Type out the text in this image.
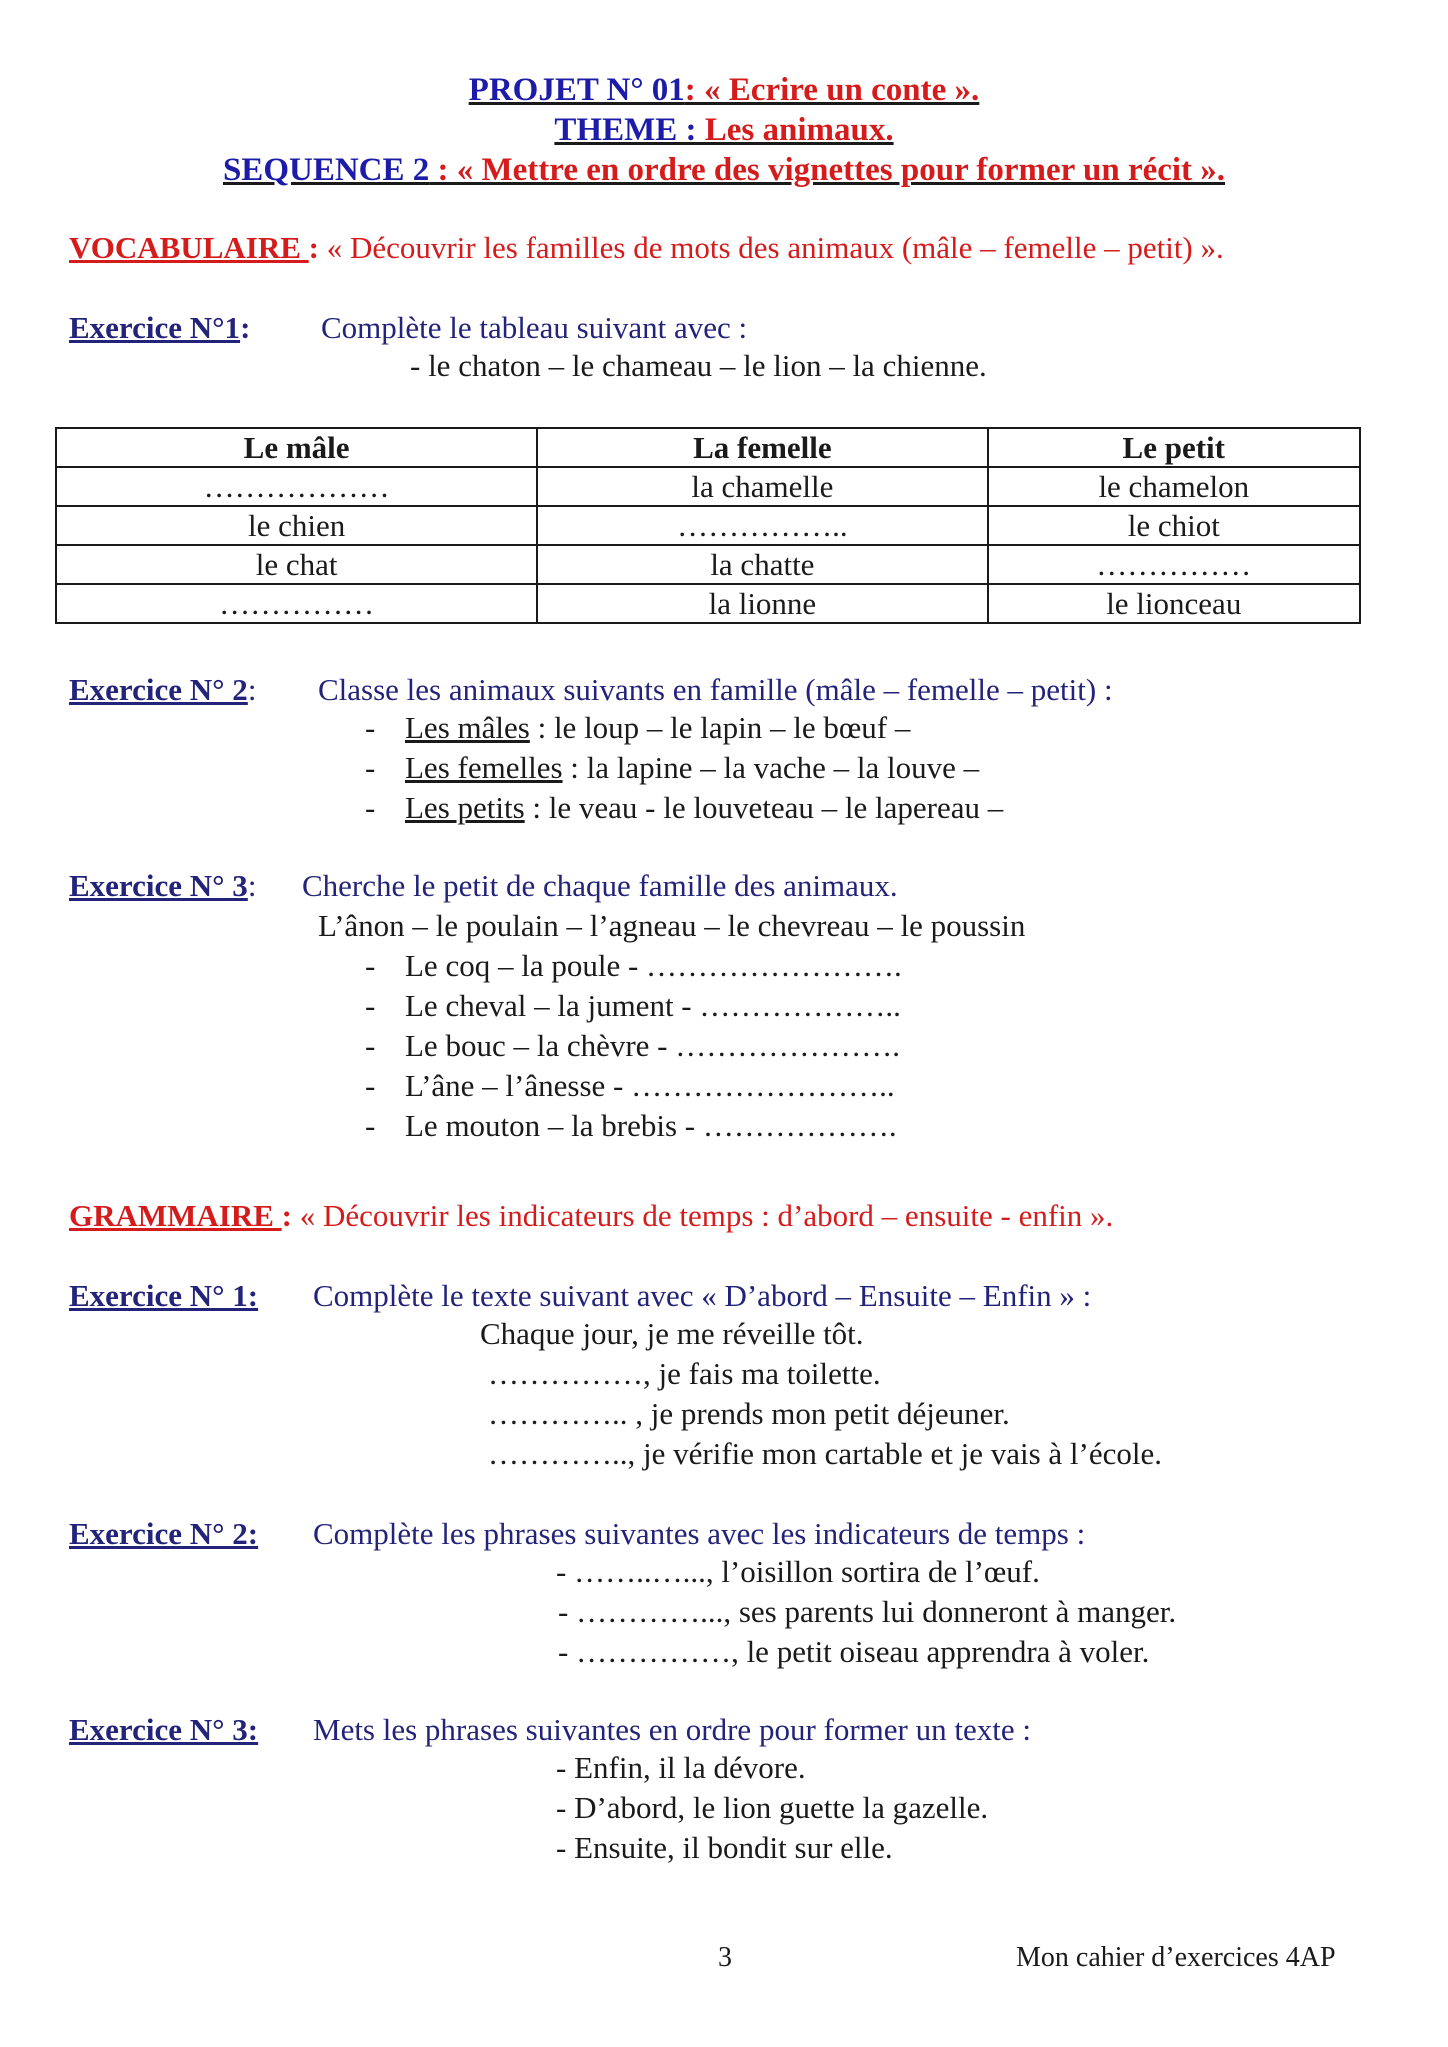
PROJET N° 01: « Ecrire un conte ».
THEME : Les animaux.
SEQUENCE 2 : « Mettre en ordre des vignettes pour former un récit ».
VOCABULAIRE : « Découvrir les familles de mots des animaux (mâle – femelle – petit) ».
Exercice N°1: Complète le tableau suivant avec :
- le chaton – le chameau – le lion – la chienne.
Le mâle	La femelle	Le petit
………………	la chamelle	le chamelon
le chien	……………..	le chiot
le chat	la chatte	……………
……………	la lionne	le lionceau
Exercice N° 2: Classe les animaux suivants en famille (mâle – femelle – petit) :
- Les mâles : le loup – le lapin – le bœuf –
- Les femelles : la lapine – la vache – la louve –
- Les petits : le veau - le louveteau – le lapereau –
Exercice N° 3: Cherche le petit de chaque famille des animaux.
L’ânon – le poulain – l’agneau – le chevreau – le poussin
- Le coq – la poule - …………………….
- Le cheval – la jument - ………………..
- Le bouc – la chèvre - ………………….
- L’âne – l’ânesse - ……………………..
- Le mouton – la brebis - ……………….
GRAMMAIRE : « Découvrir les indicateurs de temps : d’abord – ensuite - enfin ».
Exercice N° 1: Complète le texte suivant avec « D’abord – Ensuite – Enfin » :
Chaque jour, je me réveille tôt.
……………, je fais ma toilette.
………….. , je prends mon petit déjeuner.
………….., je vérifie mon cartable et je vais à l’école.
Exercice N° 2: Complète les phrases suivantes avec les indicateurs de temps :
- ……..…..., l’oisillon sortira de l’œuf.
- …………..., ses parents lui donneront à manger.
- ……………, le petit oiseau apprendra à voler.
Exercice N° 3: Mets les phrases suivantes en ordre pour former un texte :
- Enfin, il la dévore.
- D’abord, le lion guette la gazelle.
- Ensuite, il bondit sur elle.
3	Mon cahier d’exercices 4AP
